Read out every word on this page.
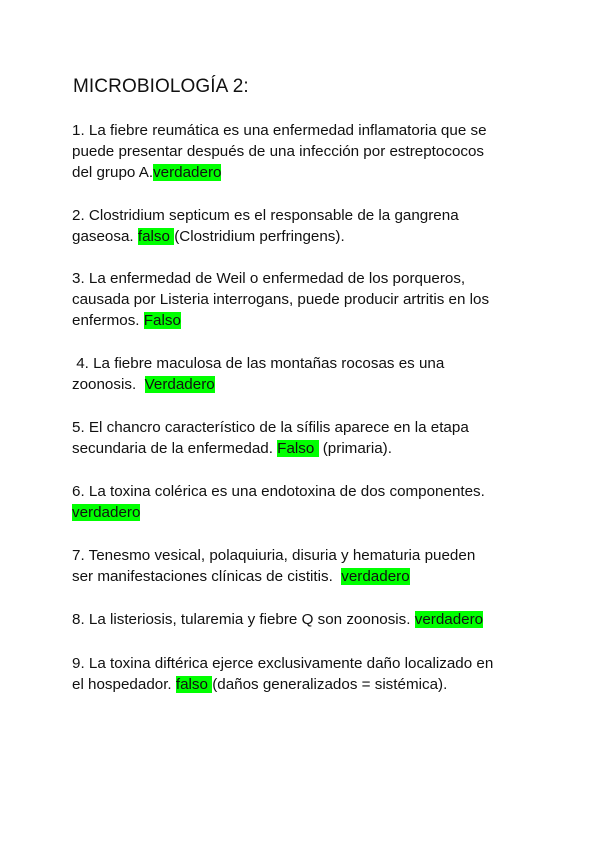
MICROBIOLOGÍA 2:
1. La fiebre reumática es una enfermedad inflamatoria que se
puede presentar después de una infección por estreptococos
del grupo A.verdadero
2. Clostridium septicum es el responsable de la gangrena
gaseosa. falso (Clostridium perfringens).
3. La enfermedad de Weil o enfermedad de los porqueros,
causada por Listeria interrogans, puede producir artritis en los
enfermos. Falso
4. La fiebre maculosa de las montañas rocosas es una
zoonosis.  Verdadero
5. El chancro característico de la sífilis aparece en la etapa
secundaria de la enfermedad. Falso  (primaria).
6. La toxina colérica es una endotoxina de dos componentes.
verdadero
7. Tenesmo vesical, polaquiuria, disuria y hematuria pueden
ser manifestaciones clínicas de cistitis.  verdadero
8. La listeriosis, tularemia y fiebre Q son zoonosis. verdadero
9. La toxina diftérica ejerce exclusivamente daño localizado en
el hospedador. falso (daños generalizados = sistémica).
